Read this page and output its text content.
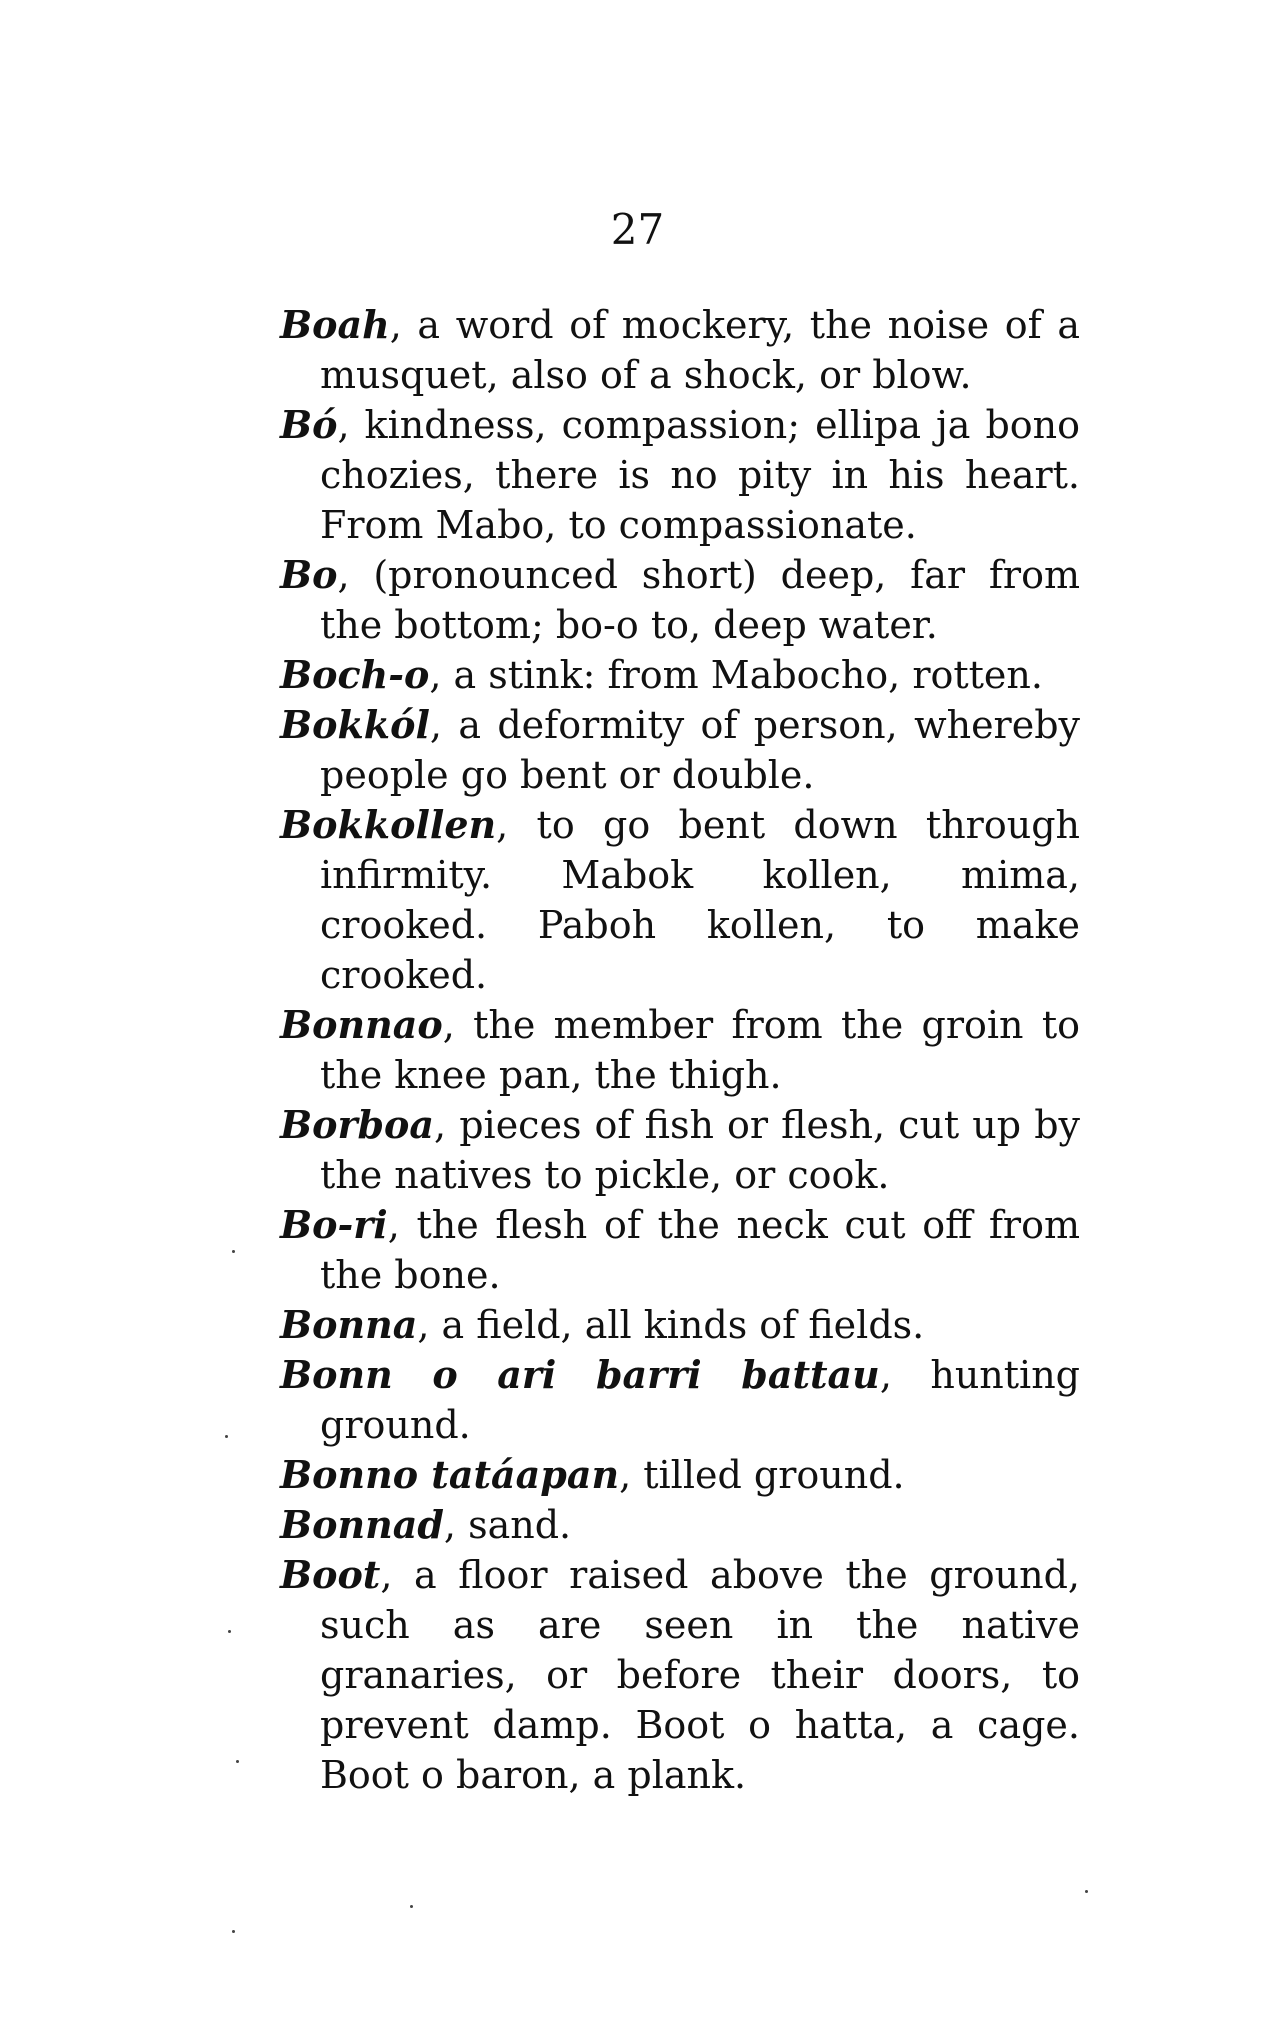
27

Boah, a word of mockery, the noise of a musquet, also of a shock, or blow.

Bó, kindness, compassion; ellipa ja bono chozies, there is no pity in his heart. From Mabo, to compassionate.

Bo, (pronounced short) deep, far from the bottom; bo-o to, deep water.

Boch-o, a stink: from Mabocho, rotten.

Bokkól, a deformity of person, whereby people go bent or double.

Bokkollen, to go bent down through infirmity. Mabok kollen, mima, crooked. Paboh kollen, to make crooked.

Bonnao, the member from the groin to the knee pan, the thigh.

Borboa, pieces of fish or flesh, cut up by the natives to pickle, or cook.

Bo-ri, the flesh of the neck cut off from the bone.

Bonna, a field, all kinds of fields.

Bonn o ari barri battau, hunting ground.

Bonno tatáapan, tilled ground.

Bonnad, sand.

Boot, a floor raised above the ground, such as are seen in the native granaries, or before their doors, to prevent damp. Boot o hatta, a cage. Boot o baron, a plank.
